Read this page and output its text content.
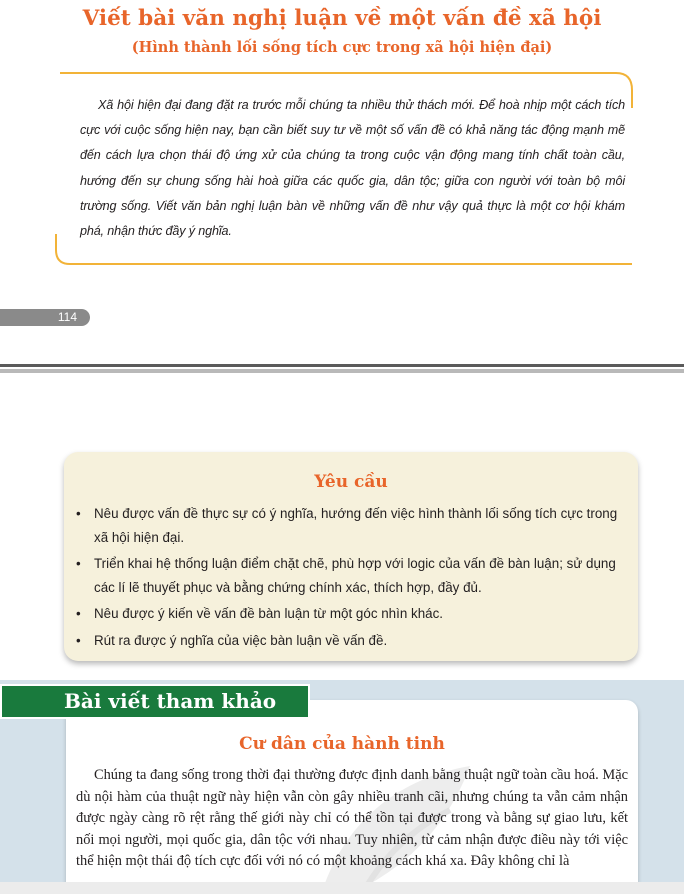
Viết bài văn nghị luận về một vấn đề xã hội
(Hình thành lối sống tích cực trong xã hội hiện đại)

Xã hội hiện đại đang đặt ra trước mỗi chúng ta nhiều thử thách mới. Để hoà nhịp một cách tích cực với cuộc sống hiện nay, bạn cần biết suy tư về một số vấn đề có khả năng tác động mạnh mẽ đến cách lựa chọn thái độ ứng xử của chúng ta trong cuộc vận động mang tính chất toàn cầu, hướng đến sự chung sống hài hoà giữa các quốc gia, dân tộc; giữa con người với toàn bộ môi trường sống. Viết văn bản nghị luận bàn về những vấn đề như vậy quả thực là một cơ hội khám phá, nhận thức đầy ý nghĩa.

114
Yêu cầu
• Nêu được vấn đề thực sự có ý nghĩa, hướng đến việc hình thành lối sống tích cực trong xã hội hiện đại.
• Triển khai hệ thống luận điểm chặt chẽ, phù hợp với logic của vấn đề bàn luận; sử dụng các lí lẽ thuyết phục và bằng chứng chính xác, thích hợp, đầy đủ.
• Nêu được ý kiến về vấn đề bàn luận từ một góc nhìn khác.
• Rút ra được ý nghĩa của việc bàn luận về vấn đề.
Bài viết tham khảo
Cư dân của hành tinh

Chúng ta đang sống trong thời đại thường được định danh bằng thuật ngữ toàn cầu hoá. Mặc dù nội hàm của thuật ngữ này hiện vẫn còn gây nhiều tranh cãi, nhưng chúng ta vẫn cảm nhận được ngày càng rõ rệt rằng thế giới này chỉ có thể tồn tại được trong và bằng sự giao lưu, kết nối mọi người, mọi quốc gia, dân tộc với nhau. Tuy nhiên, từ cảm nhận được điều này tới việc thể hiện một thái độ tích cực đối với nó có một khoảng cách khá xa. Đây không chỉ là
